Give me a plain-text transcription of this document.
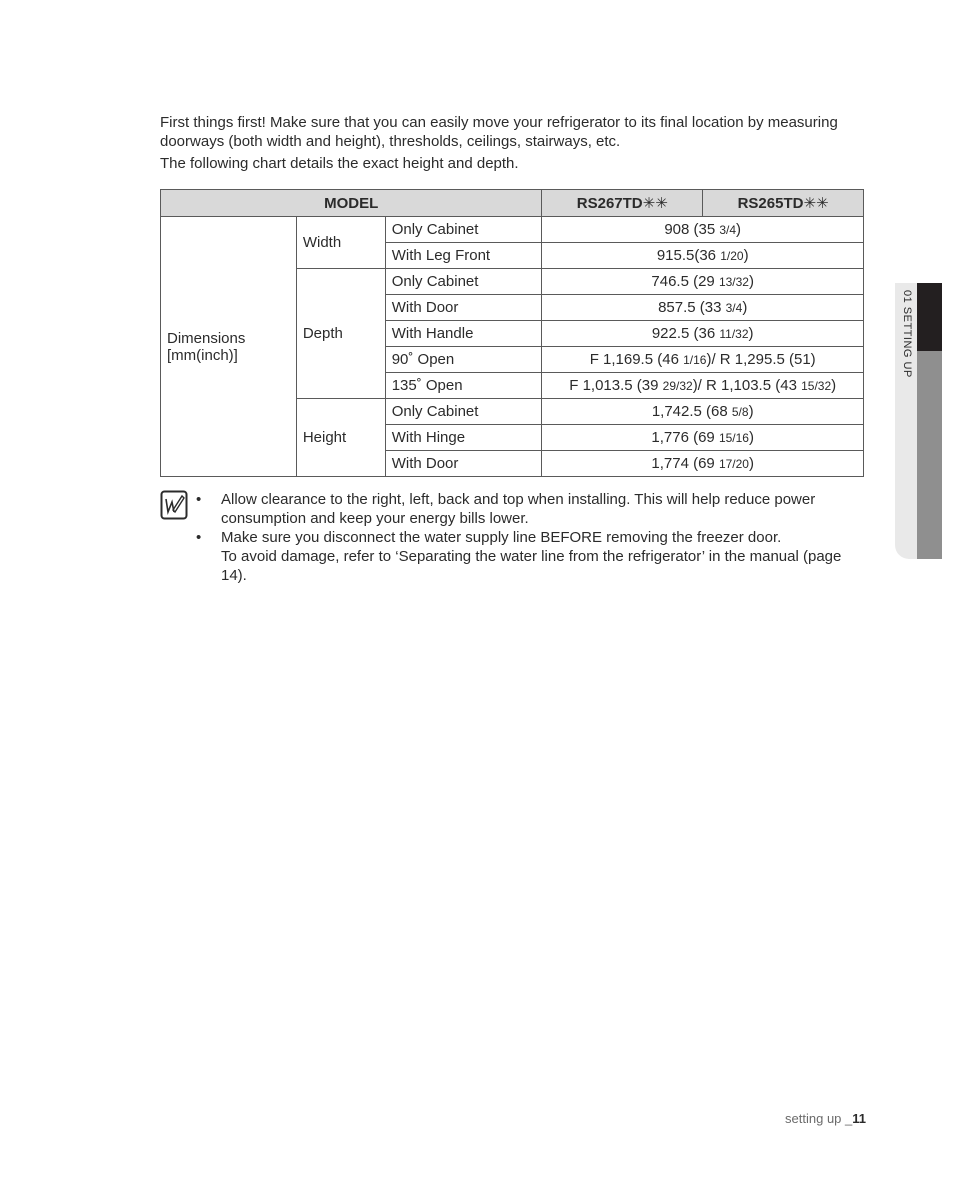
First things first! Make sure that you can easily move your refrigerator to its final location by measuring doorways (both width and height), thresholds, ceilings, stairways, etc.

The following chart details the exact height and depth.

MODEL			RS267TD✳✳	RS265TD✳✳
Dimensions
[mm(inch)]	Width	Only Cabinet	908 (35 3/4)	
		With Leg Front	915.5(36 1/20)	
	Depth	Only Cabinet	746.5 (29 13/32)	
		With Door	857.5 (33 3/4)	
		With Handle	922.5 (36 11/32)	
		90˚ Open	F 1,169.5 (46 1/16)/ R 1,295.5 (51)	
		135˚ Open	F 1,013.5 (39 29/32)/ R 1,103.5 (43 15/32)	
	Height	Only Cabinet	1,742.5 (68 5/8)	
		With Hinge	1,776 (69 15/16)	
		With Door	1,774 (69 17/20)	
• Allow clearance to the right, left, back and top when installing. This will help reduce power consumption and keep your energy bills lower.
• Make sure you disconnect the water supply line BEFORE removing the freezer door.
To avoid damage, refer to ‘Separating the water line from the refrigerator’ in the manual (page 14).
01 SETTING UP
setting up _11
